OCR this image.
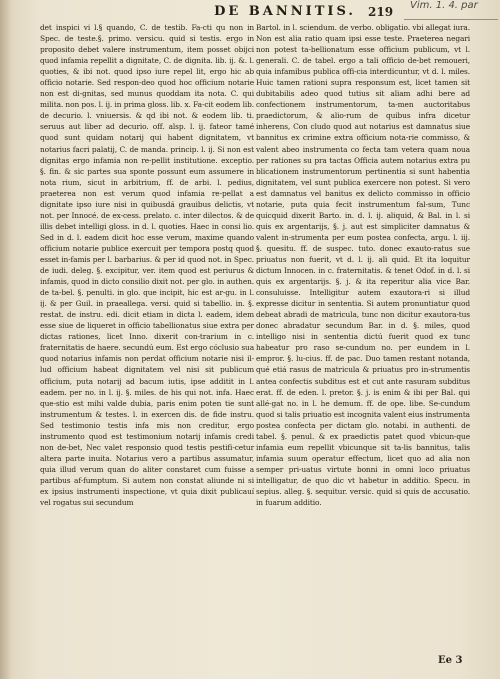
Vim. 1. 4. par
DE BANNITIS.	219

det inspici vi l.§ quando, C. de testib. Fa-cti qu non in Spec. de teste.§. primo. versicu. quid si testis. ergo in proposito debet valere instrumentum, item posset obijci quod infamia repellit a dignitate, C. de dignita. lib. ij. &. l. quoties, & ibi not. quod ipso iure repel lit, ergo hic ab officio notarie. Sed respon-deo quod hoc officium notarie non est di-gnitas, sed munus quoddam ita nota. C. qui milita. non pos. l. ij. in prima gloss. lib. x. Fa-cit eodem lib. de decurio. l. vniuersis. & qd ibi not. & eodem lib. ti. seruus aut liber ad decurio. off. alsp. l. ij. fateor tamé quod sunt quidam notarij qui habent dignitatem, vt notarius facri palatij, C. de manda. princip. l. ij. Si non est dignitas ergo infamia non re-pellit institutione. exceptio. §. fin. & sic partes sua sponte possunt eum assumere in nota rium, sicut in arbitrium, ff. de arbi. l. pedius, praeterea non est verum quod infamia re-pellat a dignitate ipso iure nisi in quibusdá grauibus delictis, vt not. per Innocé. de ex-cess. prelato. c. inter dilectos. & de illis debet intelligi gloss. in d. l. quoties. Haec in consi lio. Sed in d. l. eadem dicit hoc esse verum, maxime quando officium notarie publice exercuit per tempora postq quod esset in-famis per l. barbarius. & per id quod not. in Spec. de iudi. deleg. §. excipitur, ver. item quod est periurus & infamis, quod in dicto consilio dixit not. per glo. in authen. de ta-bel. §. penulti. in glo. que incipit, hic est ar-gu. in l. ij. & per Guil. in praeallega. versi. quid si tabellio. in. §. restat. de instru. edi. dicit etiam in dicta l. eadem, idem esse siue de liqueret in officio tabellionatus siue extra per dictas rationes, licet Inno. dixerit con-trarium in c. fraternitatis de haere. secundú eum. Est ergo cóclusio sua quod notarius infamis non perdat officium notarie nisi il-lud officium habeat dignitatem vel nisi sit publicum officium, puta notarij ad bacum iutis, ipse additit in l. eadem. per no. in l. ij. §. miles. de his qui not. infa. Haec que-stio est mihi valde dubia, paris enim poten tie sunt instrumentum & testes. l. in exercen dis. de fide instru. Sed testimonio testis infa mis non creditur, ergo instrumento quod est testimonium notarij infamis credi non de-bet, Nec valet responsio quod testis pestifi-cetur altera parte inuita. Notarius vero a partibus assumatur, quia illud verum quan do aliter constaret cum fuisse a partibus af-fumptum. Si autem non constat aliunde ni si ex ipsius instrumenti inspectione, vt quia dixit publicauí vel rogatus sui secundum

Bartol. in l. sciendum. de verbo. obligatio. vbi allegat iura. Non est alia ratio quam ipsi esse teste. Praeterea negari non potest ta-bellionatum esse officium publicum, vt l. generali. C. de tabel. ergo a tali officio de-bet remoueri, quia infamibus publica offi-cia interdicuntur, vt d. l. miles. Huic tamen rationi supra responsum est, licet tamen sit dubitabilis adeo quod tutius sit aliam adhi bere ad confectionem instrumentorum, ta-men auctoritabus praedictorum, & alio-rum de quibus infra dicetur inherens, Con cludo quod aut notarius est damnatus siue bannitus ex crimine extra officium nota-rie commisso, & valent abeo instrumenta co fecta tam vetera quam noua per rationes su pra tactas Officia autem notarius extra pu blicationem instrumentorum pertinentia si sunt habentia dignitatem, vel sunt publica exercere non potest. Si vero est damnatus vel banitus ex delicto commisso in officio notarie, puta quia fecit instrumentum fal-sum, Tunc quicquid dixerit Barto. in. d. l. ij. aliquid, & Bal. in l. si quis ex argentarijs, §. j. aut est simpliciter damnatus & valent in-strumenta per eum postea confecta, argu. l. iij. §. quesitu. ff. de suspec. tuto. donec exauto-ratus sue priuatus non fuerit, vt d. l. ij. ali quid. Et ita loquitur dictum Innocen. in c. fraternitatis. & tenet Odof. in d. l. si quis ex argentarijs. §. j. & ita reperitur alia vice Bar. consuluisse. Intelligitur autem exautora-ri si illud expresse dicitur in sententia. Si autem pronuntiatur quod debeat abradi de matricula, tunc non dicitur exautora-tus donec abradatur secundum Bar. in d. §. miles, quod intelligo nisi in sententia dictú fuerit quod ex tunc habeatur pro raso se-cundum no. per eundem in l. empror. §. lu-cius. ff. de pac. Duo tamen restant notanda, qué etiá rasus de matricula & priuatus pro in-strumentis antea confectis subditus est et cut ante rasuram subditus erat. ff. de eden. l. pretor. §. j. is enim & ibi per Bal. qui allé-gat no. in l. he demum. ff. de ope. libe. Se-cundum quod si talis priuatio est incognita valent eius instrumenta postea confecta per dictam glo. notabi. in authenti. de tabel. §. penul. & ex praedictis patet quod vbicun-que infamia eum repellit vbicunque sit ta-lis bannitus, talis infamia suum operatur effectum, licet quo ad alia non semper pri-uatus virtute bonni in omni loco priuatus intelligatur, de quo dic vt habetur in additio. Specu. in sepius. alleg. §. sequitur. versic. quid si quis de accusatio. in fuarum additio.

Ee 3
